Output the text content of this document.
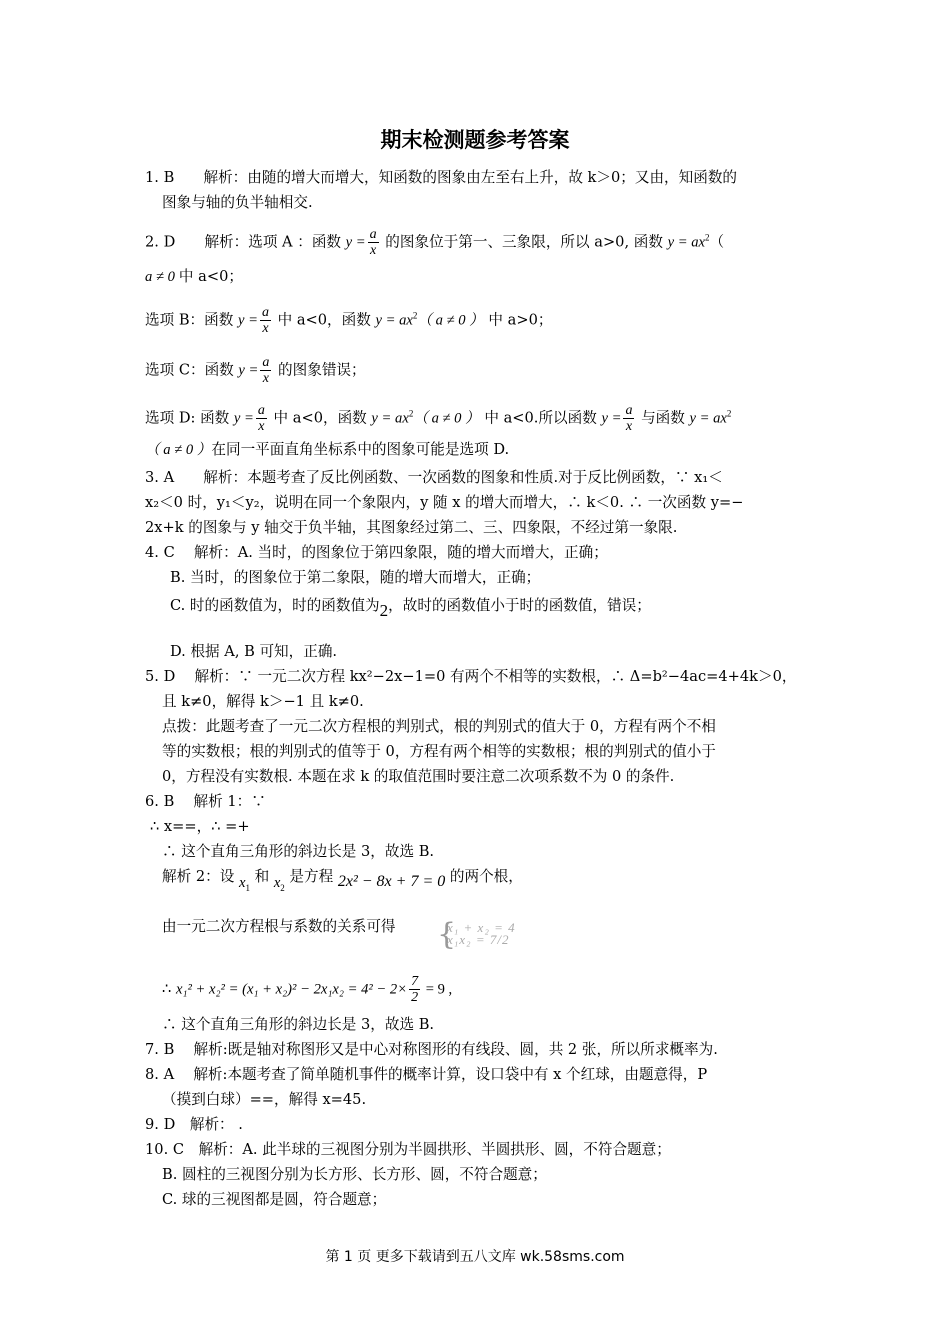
期末检测题参考答案
1. B　　解析：由随的增大而增大，知函数的图象由左至右上升，故 k＞0；又由，知函数的
图象与轴的负半轴相交.
2. D　　解析：选项 A ：函数 $y = \frac{a}{x}$ 的图象位于第一、三象限，所以 a>0, 函数 $y = ax^2$（
a ≠ 0 中 a<0；
选项 B：函数 $y = \frac{a}{x}$ 中 a<0，函数 $y = ax^2$（ a ≠ 0 ） 中 a>0；
选项 C：函数 $y = \frac{a}{x}$ 的图象错误；
选项 D: 函数 $y = \frac{a}{x}$ 中 a<0，函数 $y = ax^2$（ a ≠ 0 ） 中 a<0.所以函数 $y = \frac{a}{x}$ 与函数 $y = ax^2$
（ a ≠ 0 ）在同一平面直角坐标系中的图象可能是选项 D.
3. A　　解析：本题考查了反比例函数、一次函数的图象和性质.对于反比例函数，∵ x₁＜
x₂＜0 时，y₁＜y₂，说明在同一个象限内，y 随 x 的增大而增大，∴ k＜0. ∴ 一次函数 y=−
2x+k 的图象与 y 轴交于负半轴，其图象经过第二、三、四象限，不经过第一象限.
4. C　 解析：A. 当时，的图象位于第四象限，随的增大而增大，正确；
B. 当时，的图象位于第二象限，随的增大而增大，正确；
C. 时的函数值为，时的函数值为2，故时的函数值小于时的函数值，错误；
D. 根据 A, B 可知，正确.
5. D　 解析：∵ 一元二次方程 kx²−2x−1=0 有两个不相等的实数根，∴ Δ=b²−4ac=4+4k＞0，
且 k≠0，解得 k＞−1 且 k≠0.
点拨：此题考查了一元二次方程根的判别式，根的判别式的值大于 0，方程有两个不相
等的实数根；根的判别式的值等于 0，方程有两个相等的实数根；根的判别式的值小于
0，方程没有实数根. 本题在求 k 的取值范围时要注意二次项系数不为 0 的条件.
6. B　 解析 1：∵
∴ x==，∴ =+
∴ 这个直角三角形的斜边长是 3，故选 B.
解析 2：设 $x_1$ 和 $x_2$ 是方程 2x² − 8x + 7 = 0 的两个根，
由一元二次方程根与系数的关系可得 {
x₁ + x₂ = 4
x₁x₂ = 7/2
∴ $x_1^2 + x_2^2 = (x_1 + x_2)^2 - 2x_1x_2 = 4^2 - 2\times \frac{7}{2} = 9$ ,
∴ 这个直角三角形的斜边长是 3，故选 B.
7. B　 解析:既是轴对称图形又是中心对称图形的有线段、圆，共 2 张，所以所求概率为.
8. A　 解析:本题考查了简单随机事件的概率计算，设口袋中有 x 个红球，由题意得，P
（摸到白球）==，解得 x=45.
9. D　解析： .
10. C　解析：A. 此半球的三视图分别为半圆拱形、半圆拱形、圆，不符合题意；
B. 圆柱的三视图分别为长方形、长方形、圆，不符合题意；
C. 球的三视图都是圆，符合题意；
第 1 页 更多下载请到五八文库 wk.58sms.com
